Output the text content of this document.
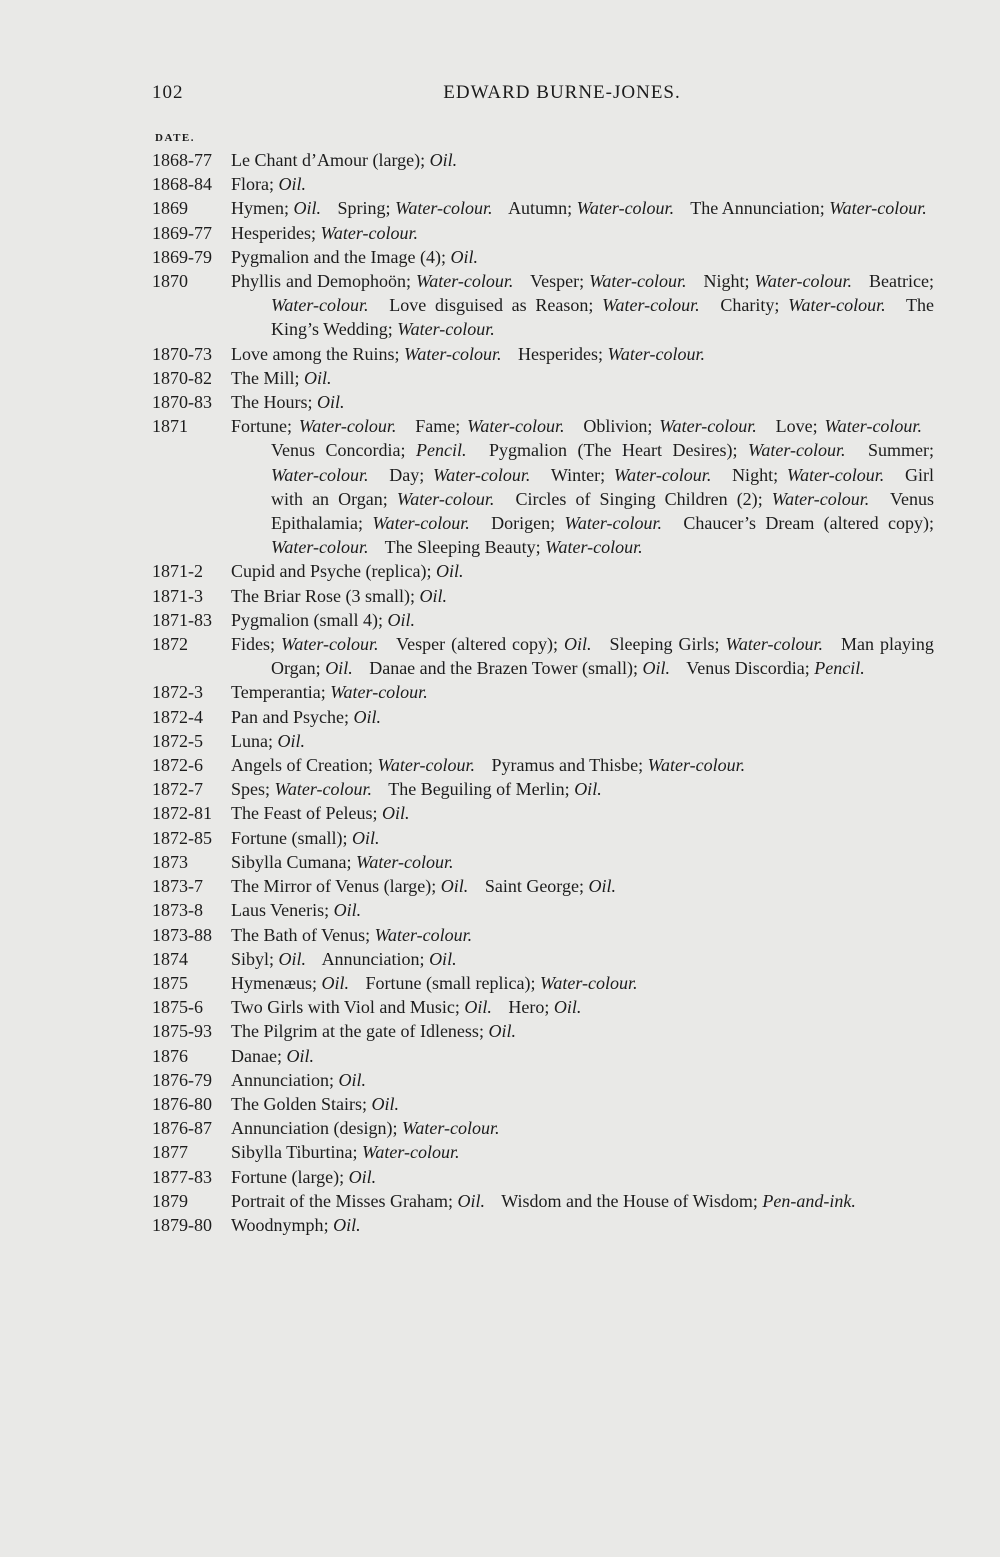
102	EDWARD BURNE-JONES.
DATE.
1868-77	Le Chant d’Amour (large); Oil.
1868-84	Flora; Oil.
1869	Hymen; Oil. Spring; Water-colour. Autumn; Water-colour. The Annunciation; Water-colour.
1869-77	Hesperides; Water-colour.
1869-79	Pygmalion and the Image (4); Oil.
1870	Phyllis and Demophoön; Water-colour. Vesper; Water-colour. Night; Water-colour. Beatrice; Water-colour. Love disguised as Reason; Water-colour. Charity; Water-colour. The King’s Wedding; Water-colour.
1870-73	Love among the Ruins; Water-colour. Hesperides; Water-colour.
1870-82	The Mill; Oil.
1870-83	The Hours; Oil.
1871	Fortune; Water-colour. Fame; Water-colour. Oblivion; Water-colour. Love; Water-colour. Venus Concordia; Pencil. Pygmalion (The Heart Desires); Water-colour. Summer; Water-colour. Day; Water-colour. Winter; Water-colour. Night; Water-colour. Girl with an Organ; Water-colour. Circles of Singing Children (2); Water-colour. Venus Epithalamia; Water-colour. Dorigen; Water-colour. Chaucer’s Dream (altered copy); Water-colour. The Sleeping Beauty; Water-colour.
1871-2	Cupid and Psyche (replica); Oil.
1871-3	The Briar Rose (3 small); Oil.
1871-83	Pygmalion (small 4); Oil.
1872	Fides; Water-colour. Vesper (altered copy); Oil. Sleeping Girls; Water-colour. Man playing Organ; Oil. Danae and the Brazen Tower (small); Oil. Venus Discordia; Pencil.
1872-3	Temperantia; Water-colour.
1872-4	Pan and Psyche; Oil.
1872-5	Luna; Oil.
1872-6	Angels of Creation; Water-colour. Pyramus and Thisbe; Water-colour.
1872-7	Spes; Water-colour. The Beguiling of Merlin; Oil.
1872-81	The Feast of Peleus; Oil.
1872-85	Fortune (small); Oil.
1873	Sibylla Cumana; Water-colour.
1873-7	The Mirror of Venus (large); Oil. Saint George; Oil.
1873-8	Laus Veneris; Oil.
1873-88	The Bath of Venus; Water-colour.
1874	Sibyl; Oil. Annunciation; Oil.
1875	Hymenæus; Oil. Fortune (small replica); Water-colour.
1875-6	Two Girls with Viol and Music; Oil. Hero; Oil.
1875-93	The Pilgrim at the gate of Idleness; Oil.
1876	Danae; Oil.
1876-79	Annunciation; Oil.
1876-80	The Golden Stairs; Oil.
1876-87	Annunciation (design); Water-colour.
1877	Sibylla Tiburtina; Water-colour.
1877-83	Fortune (large); Oil.
1879	Portrait of the Misses Graham; Oil. Wisdom and the House of Wisdom; Pen-and-ink.
1879-80	Woodnymph; Oil.
